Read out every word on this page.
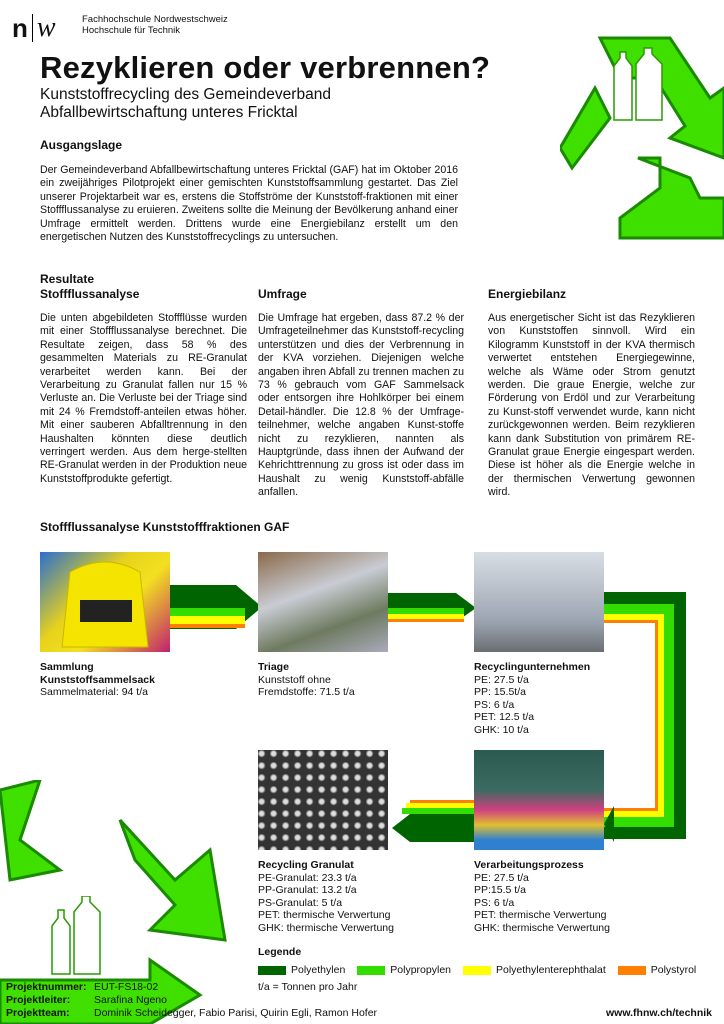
n w	Fachhochschule Nordwestschweiz
Hochschule für Technik
Rezyklieren oder verbrennen?
Kunststoffrecycling des Gemeindeverband
Abfallbewirtschaftung unteres Fricktal
Ausgangslage

Der Gemeindeverband Abfallbewirtschaftung unteres Fricktal (GAF) hat im Oktober 2016 ein zweijähriges Pilotprojekt einer gemischten Kunststoffsammlung gestartet. Das Ziel unserer Projektarbeit war es, erstens die Stoffströme der Kunststoff-fraktionen mit einer Stoffflussanalyse zu eruieren. Zweitens sollte die Meinung der Bevölkerung anhand einer Umfrage ermittelt werden. Drittens wurde eine Energiebilanz erstellt um den energetischen Nutzen des Kunststoffrecyclings zu untersuchen.

Resultate
Stoffflussanalyse	Umfrage	Energiebilanz

Die unten abgebildeten Stoffflüsse wurden mit einer Stoffflussanalyse berechnet. Die Resultate zeigen, dass 58 % des gesammelten Materials zu RE-Granulat verarbeitet werden kann. Bei der Verarbeitung zu Granulat fallen nur 15 % Verluste an. Die Verluste bei der Triage sind mit 24 % Fremdstoff-anteilen etwas höher. Mit einer sauberen Abfalltrennung in den Haushalten könnten diese deutlich verringert werden. Aus dem herge-stellten RE-Granulat werden in der Produktion neue Kunststoffprodukte gefertigt.

Die Umfrage hat ergeben, dass 87.2 % der Umfrageteilnehmer das Kunststoff-recycling unterstützen und dies der Verbrennung in der KVA vorziehen. Diejenigen welche angaben ihren Abfall zu trennen machen zu 73 % gebrauch vom GAF Sammelsack oder entsorgen ihre Hohlkörper bei einem Detail-händler. Die 12.8 % der Umfrage-teilnehmer, welche angaben Kunst-stoffe nicht zu rezyklieren, nannten als Hauptgründe, dass ihnen der Aufwand der Kehrichttrennung zu gross ist oder dass im Haushalt zu wenig Kunststoff-abfälle anfallen.

Aus energetischer Sicht ist das Rezyklieren von Kunststoffen sinnvoll. Wird ein Kilogramm Kunststoff in der KVA thermisch verwertet entstehen Energiegewinne, welche als Wäme oder Strom genutzt werden. Die graue Energie, welche zur Förderung von Erdöl und zur Verarbeitung zu Kunst-stoff verwendet wurde, kann nicht zurückgewonnen werden. Beim rezyklieren kann dank Substitution von primärem RE-Granulat graue Energie eingespart werden. Diese ist höher als die Energie welche in der thermischen Verwertung gewonnen wird.

Stoffflussanalyse Kunststofffraktionen GAF
Sammlung Kunststoffsammelsack
Sammelmaterial: 94 t/a
Triage
Kunststoff ohne
Fremdstoffe: 71.5 t/a
Recyclingunternehmen
PE: 27.5 t/a
PP: 15.5t/a
PS: 6 t/a
PET: 12.5 t/a
GHK: 10 t/a
Verarbeitungsprozess
PE: 27.5 t/a
PP:15.5 t/a
PS: 6 t/a
PET: thermische Verwertung
GHK: thermische Verwertung
Recycling Granulat
PE-Granulat: 23.3 t/a
PP-Granulat: 13.2 t/a
PS-Granulat: 5 t/a
PET: thermische Verwertung
GHK: thermische Verwertung
Legende
Polyethylen	Polypropylen	Polyethylenterephthalat	Polystyrol
t/a = Tonnen pro Jahr
Projektnummer:	EUT-FS18-02
Projektleiter:	Sarafina Ngeno
Projektteam:	Dominik Scheidegger, Fabio Parisi, Quirin Egli, Ramon Hofer	www.fhnw.ch/technik
